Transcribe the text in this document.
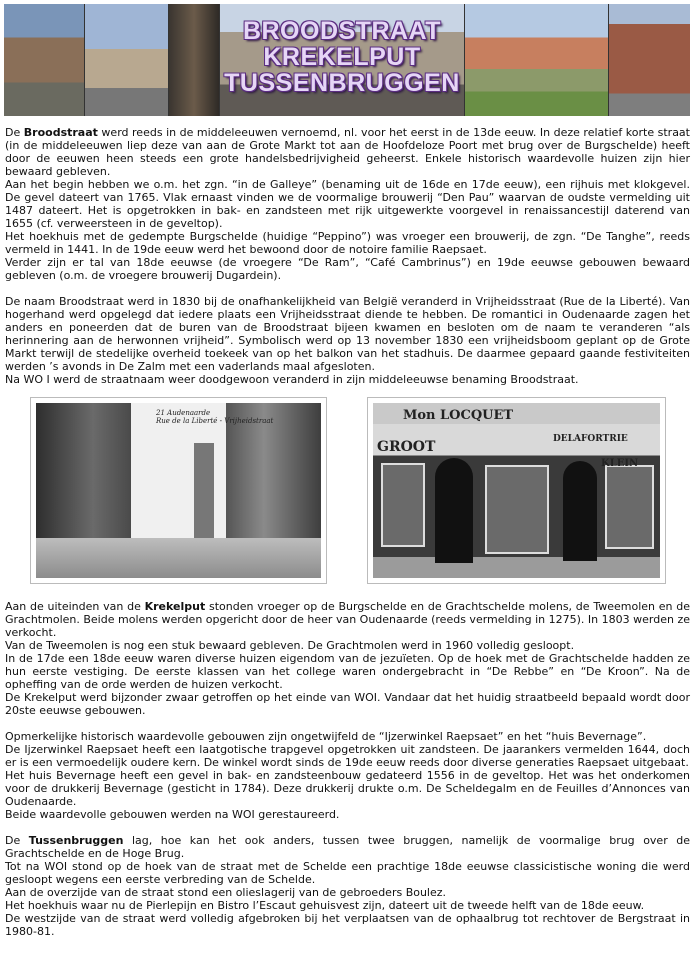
BROODSTRAAT
KREKELPUT
TUSSENBRUGGEN
De Broodstraat werd reeds in de middeleeuwen vernoemd, nl. voor het eerst in de 13de eeuw. In deze relatief korte straat (in de middeleeuwen liep deze van aan de Grote Markt tot aan de Hoofdeloze Poort met brug over de Burgschelde) heeft door de eeuwen heen steeds een grote handelsbedrijvigheid geheerst. Enkele historisch waardevolle huizen zijn hier bewaard gebleven.
Aan het begin hebben we o.m. het zgn. “in de Galleye” (benaming uit de 16de en 17de eeuw), een rijhuis met klokgevel. De gevel dateert van 1765. Vlak ernaast vinden we de voormalige brouwerij “Den Pau” waarvan de oudste vermelding uit 1487 dateert. Het is opgetrokken in bak- en zandsteen met rijk uitgewerkte voorgevel in renaissancestijl daterend van 1655 (cf. verweersteen in de geveltop).
Het hoekhuis met de gedempte Burgschelde (huidige “Peppino”) was vroeger een brouwerij, de zgn. “De Tanghe”, reeds vermeld in 1441. In de 19de eeuw werd het bewoond door de notoire familie Raepsaet.
Verder zijn er tal van 18de eeuwse (de vroegere “De Ram”, “Café Cambrinus”) en 19de eeuwse gebouwen bewaard gebleven (o.m. de vroegere brouwerij Dugardein).
De naam Broodstraat werd in 1830 bij de onafhankelijkheid van België veranderd in Vrijheidsstraat (Rue de la Liberté). Van hogerhand werd opgelegd dat iedere plaats een Vrijheidsstraat diende te hebben. De romantici in Oudenaarde zagen het anders en poneerden dat de buren van de Broodstraat bijeen kwamen en besloten om de naam te veranderen “als herinnering aan de herwonnen vrijheid”. Symbolisch werd op 13 november 1830 een vrijheidsboom geplant op de Grote Markt terwijl de stedelijke overheid toekeek van op het balkon van het stadhuis. De daarmee gepaard gaande festiviteiten werden ’s avonds in De Zalm met een vaderlands maal afgesloten.
Na WO I werd de straatnaam weer doodgewoon veranderd in zijn middeleeuwse benaming Broodstraat.
21 Audenaarde
Rue de la Liberté - Vrijheidstraat	Mon LOCQUET
DELAFORTRIE
GROOT
KLEIN
Aan de uiteinden van de Krekelput stonden vroeger op de Burgschelde en de Grachtschelde molens, de Tweemolen en de Grachtmolen. Beide molens werden opgericht door de heer van Oudenaarde (reeds vermelding in 1275). In 1803 werden ze verkocht.
Van de Tweemolen is nog een stuk bewaard gebleven. De Grachtmolen werd in 1960 volledig gesloopt.
In de 17de een 18de eeuw waren diverse huizen eigendom van de jezuïeten. Op de hoek met de Grachtschelde hadden ze hun eerste vestiging. De eerste klassen van het college waren ondergebracht in “De Rebbe” en “De Kroon”. Na de opheffing van de orde werden de huizen verkocht.
De Krekelput werd bijzonder zwaar getroffen op het einde van WOI. Vandaar dat het huidig straatbeeld bepaald wordt door 20ste eeuwse gebouwen.
Opmerkelijke historisch waardevolle gebouwen zijn ongetwijfeld de “Ijzerwinkel Raepsaet” en het “huis Bevernage”.
De Ijzerwinkel Raepsaet heeft een laatgotische trapgevel opgetrokken uit zandsteen. De jaarankers vermelden 1644, doch er is een vermoedelijk oudere kern. De winkel wordt sinds de 19de eeuw reeds door diverse generaties Raepsaet uitgebaat.
Het huis Bevernage heeft een gevel in bak- en zandsteenbouw gedateerd 1556 in de geveltop. Het was het onderkomen voor de drukkerij Bevernage (gesticht in 1784). Deze drukkerij drukte o.m. De Scheldegalm en de Feuilles d’Annonces van Oudenaarde.
Beide waardevolle gebouwen werden na WOI gerestaureerd.
De Tussenbruggen lag, hoe kan het ook anders, tussen twee bruggen, namelijk de voormalige brug over de Grachtschelde en de Hoge Brug.
Tot na WOI stond op de hoek van de straat met de Schelde een prachtige 18de eeuwse classicistische woning die werd gesloopt wegens een eerste verbreding van de Schelde.
Aan de overzijde van de straat stond een olieslagerij van de gebroeders Boulez.
Het hoekhuis waar nu de Pierlepijn en Bistro l’Escaut gehuisvest zijn, dateert uit de tweede helft van de 18de eeuw.
De westzijde van de straat werd volledig afgebroken bij het verplaatsen van de ophaalbrug tot rechtover de Bergstraat in 1980-81.
